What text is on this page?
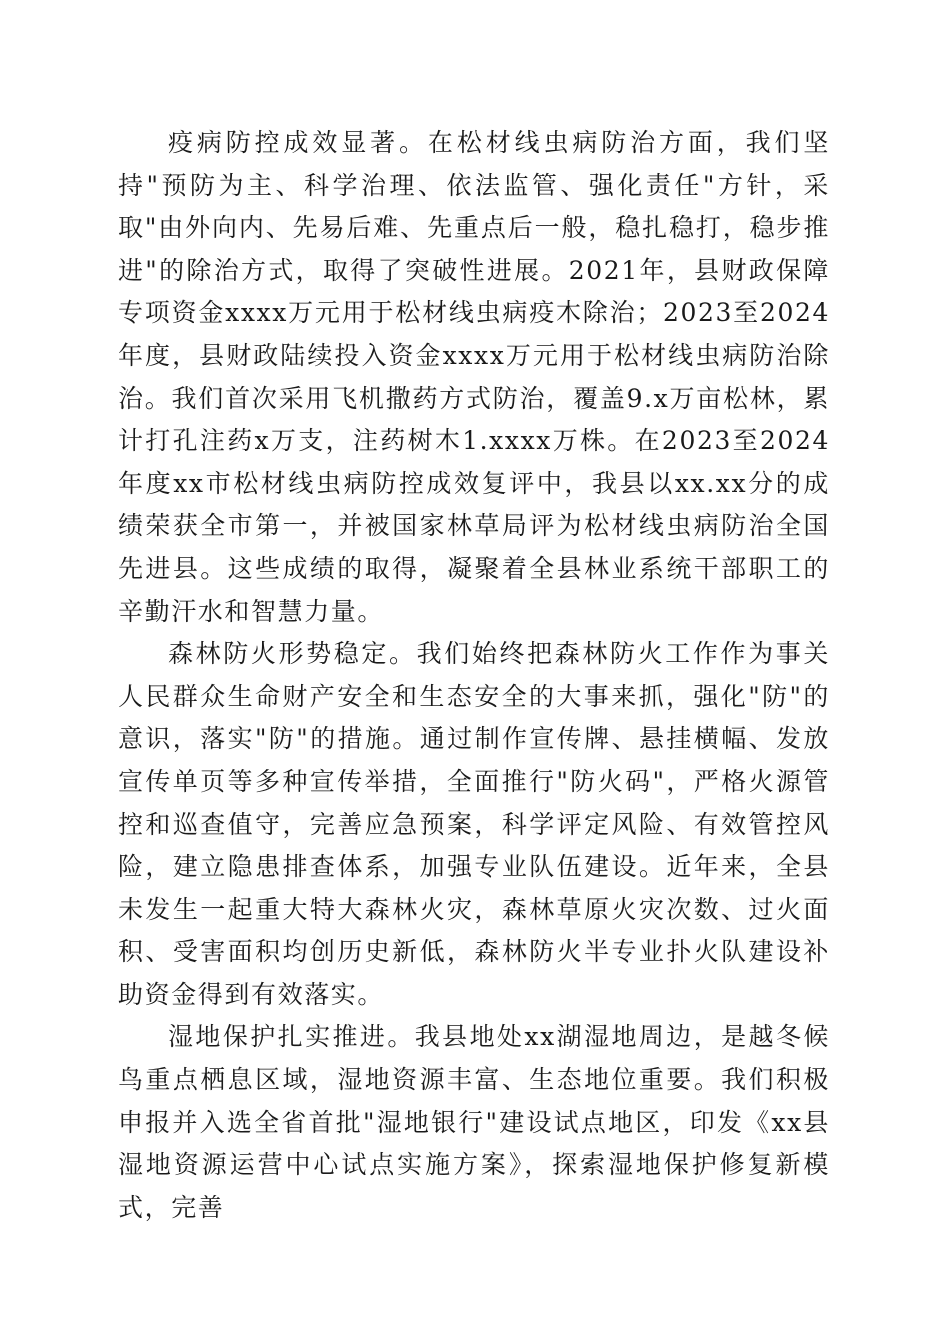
疫病防控成效显著。在松材线虫病防治方面，我们坚持"预防为主、科学治理、依法监管、强化责任"方针，采取"由外向内、先易后难、先重点后一般，稳扎稳打，稳步推进"的除治方式，取得了突破性进展。2021年，县财政保障专项资金xxxx万元用于松材线虫病疫木除治；2023至2024年度，县财政陆续投入资金xxxx万元用于松材线虫病防治除治。我们首次采用飞机撒药方式防治，覆盖9.x万亩松林，累计打孔注药x万支，注药树木1.xxxx万株。在2023至2024年度xx市松材线虫病防控成效复评中，我县以xx.xx分的成绩荣获全市第一，并被国家林草局评为松材线虫病防治全国先进县。这些成绩的取得，凝聚着全县林业系统干部职工的辛勤汗水和智慧力量。

森林防火形势稳定。我们始终把森林防火工作作为事关人民群众生命财产安全和生态安全的大事来抓，强化"防"的意识，落实"防"的措施。通过制作宣传牌、悬挂横幅、发放宣传单页等多种宣传举措，全面推行"防火码"，严格火源管控和巡查值守，完善应急预案，科学评定风险、有效管控风险，建立隐患排查体系，加强专业队伍建设。近年来，全县未发生一起重大特大森林火灾，森林草原火灾次数、过火面积、受害面积均创历史新低，森林防火半专业扑火队建设补助资金得到有效落实。

湿地保护扎实推进。我县地处xx湖湿地周边，是越冬候鸟重点栖息区域，湿地资源丰富、生态地位重要。我们积极申报并入选全省首批"湿地银行"建设试点地区，印发《xx县湿地资源运营中心试点实施方案》，探索湿地保护修复新模式，完善
